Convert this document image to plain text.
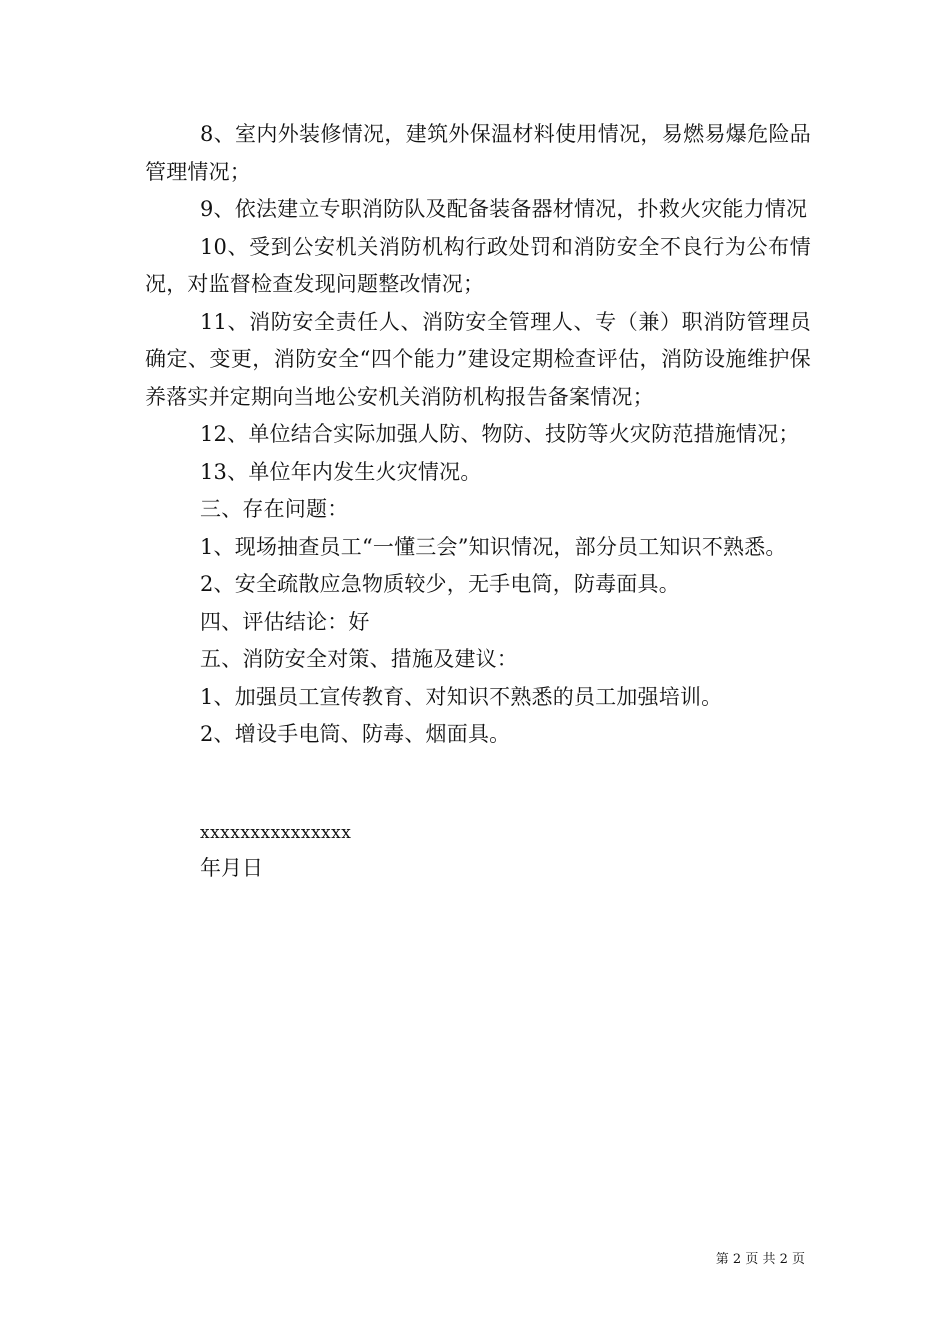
8、室内外装修情况，建筑外保温材料使用情况，易燃易爆危险品管理情况；

9、依法建立专职消防队及配备装备器材情况，扑救火灾能力情况

10、受到公安机关消防机构行政处罚和消防安全不良行为公布情况，对监督检查发现问题整改情况；

11、消防安全责任人、消防安全管理人、专（兼）职消防管理员确定、变更，消防安全“四个能力”建设定期检查评估，消防设施维护保养落实并定期向当地公安机关消防机构报告备案情况；

12、单位结合实际加强人防、物防、技防等火灾防范措施情况；

13、单位年内发生火灾情况。

三、存在问题：

1、现场抽查员工“一懂三会”知识情况，部分员工知识不熟悉。

2、安全疏散应急物质较少，无手电筒，防毒面具。

四、评估结论：好

五、消防安全对策、措施及建议：

1、加强员工宣传教育、对知识不熟悉的员工加强培训。

2、增设手电筒、防毒、烟面具。

xxxxxxxxxxxxxxx

年月日

第 2 页 共 2 页
